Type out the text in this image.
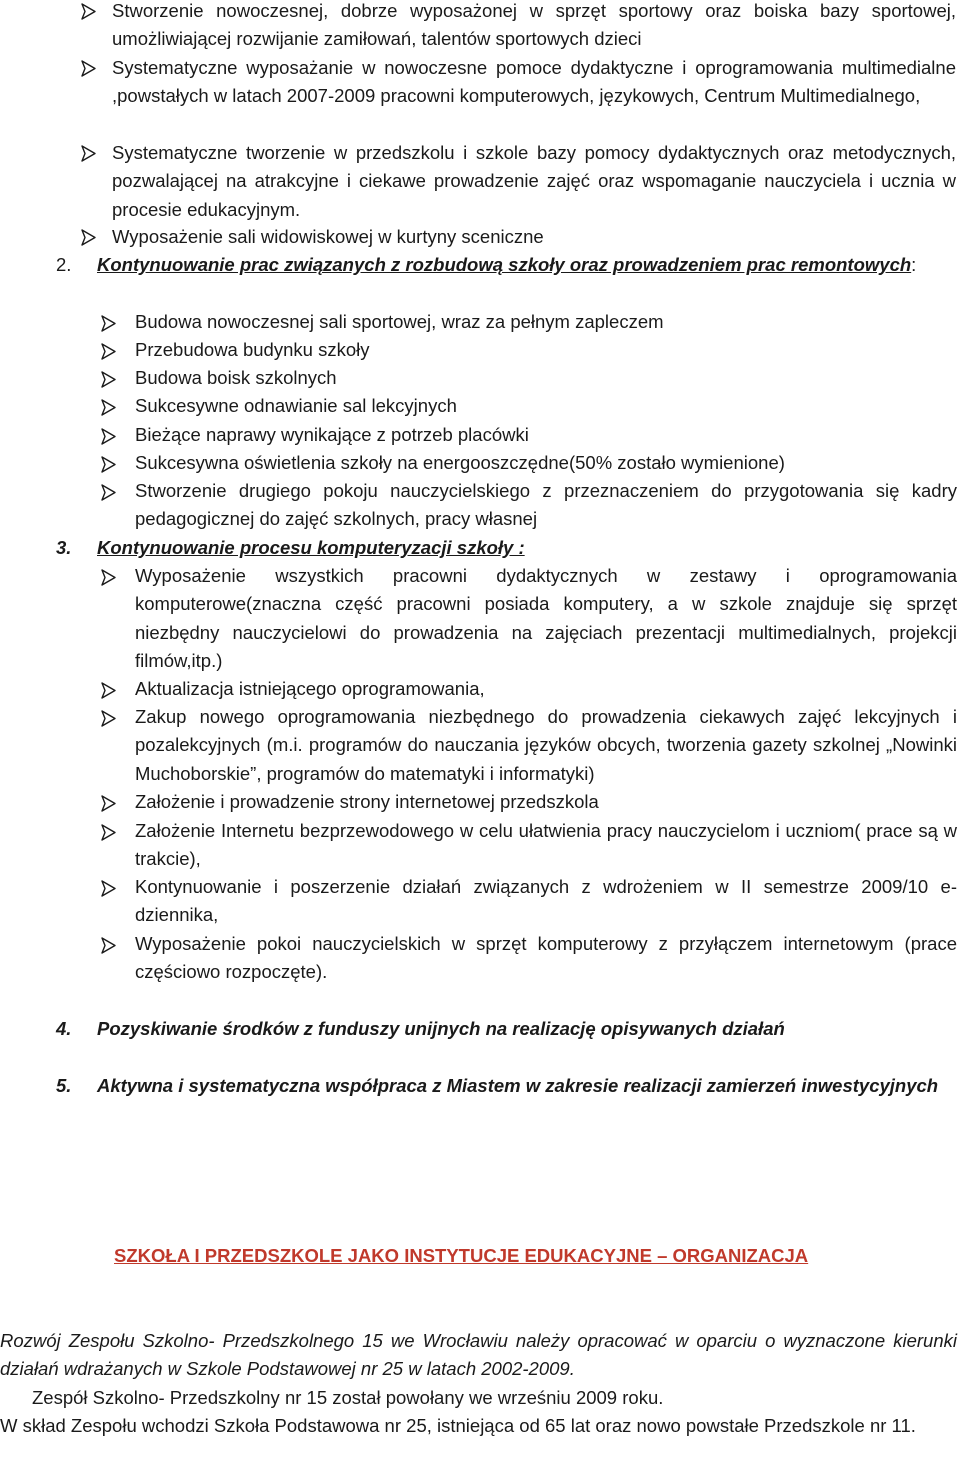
Stworzenie nowoczesnej, dobrze wyposażonej w sprzęt sportowy oraz boiska bazy sportowej, umożliwiającej rozwijanie zamiłowań, talentów sportowych dzieci
Systematyczne wyposażanie w nowoczesne pomoce dydaktyczne i oprogramowania multimedialne ,powstałych w latach 2007-2009 pracowni komputerowych, językowych, Centrum Multimedialnego,
Systematyczne tworzenie w przedszkolu i szkole bazy pomocy dydaktycznych oraz metodycznych, pozwalającej na atrakcyjne i ciekawe prowadzenie zajęć oraz wspomaganie nauczyciela i ucznia w procesie edukacyjnym.
Wyposażenie sali widowiskowej w kurtyny sceniczne
2. Kontynuowanie prac związanych z rozbudową szkoły oraz prowadzeniem prac remontowych:
Budowa nowoczesnej sali sportowej, wraz za pełnym zapleczem
Przebudowa budynku szkoły
Budowa boisk szkolnych
Sukcesywne odnawianie sal lekcyjnych
Bieżące naprawy wynikające z potrzeb placówki
Sukcesywna oświetlenia szkoły na energooszczędne(50% zostało wymienione)
Stworzenie drugiego pokoju nauczycielskiego z przeznaczeniem do przygotowania się kadry pedagogicznej do zajęć szkolnych, pracy własnej
3. Kontynuowanie procesu komputeryzacji szkoły :
Wyposażenie wszystkich pracowni dydaktycznych w zestawy i oprogramowania komputerowe(znaczna część pracowni posiada komputery, a w szkole znajduje się sprzęt niezbędny nauczycielowi do prowadzenia na zajęciach prezentacji multimedialnych, projekcji filmów,itp.)
Aktualizacja istniejącego oprogramowania,
Zakup nowego oprogramowania niezbędnego do prowadzenia ciekawych zajęć lekcyjnych i pozalekcyjnych (m.i. programów do nauczania języków obcych, tworzenia gazety szkolnej „Nowinki Muchoborskie”, programów do matematyki i informatyki)
Założenie i prowadzenie strony internetowej przedszkola
Założenie Internetu bezprzewodowego w celu ułatwienia pracy nauczycielom i uczniom( prace są w trakcie),
Kontynuowanie i poszerzenie działań związanych z wdrożeniem w II semestrze 2009/10 e- dziennika,
Wyposażenie pokoi nauczycielskich w sprzęt komputerowy z przyłączem internetowym (prace częściowo rozpoczęte).
4. Pozyskiwanie środków z funduszy unijnych na realizację opisywanych działań
5. Aktywna i systematyczna współpraca z Miastem w zakresie realizacji zamierzeń inwestycyjnych
SZKOŁA I PRZEDSZKOLE JAKO INSTYTUCJE EDUKACYJNE – ORGANIZACJA
Rozwój Zespołu Szkolno- Przedszkolnego 15 we Wrocławiu należy opracować w oparciu o wyznaczone kierunki działań wdrażanych w Szkole Podstawowej nr 25 w latach 2002-2009.
Zespół Szkolno- Przedszkolny nr 15 został powołany we wrześniu 2009 roku.
W skład Zespołu wchodzi Szkoła Podstawowa nr 25, istniejąca od 65 lat oraz nowo powstałe Przedszkole nr 11.
